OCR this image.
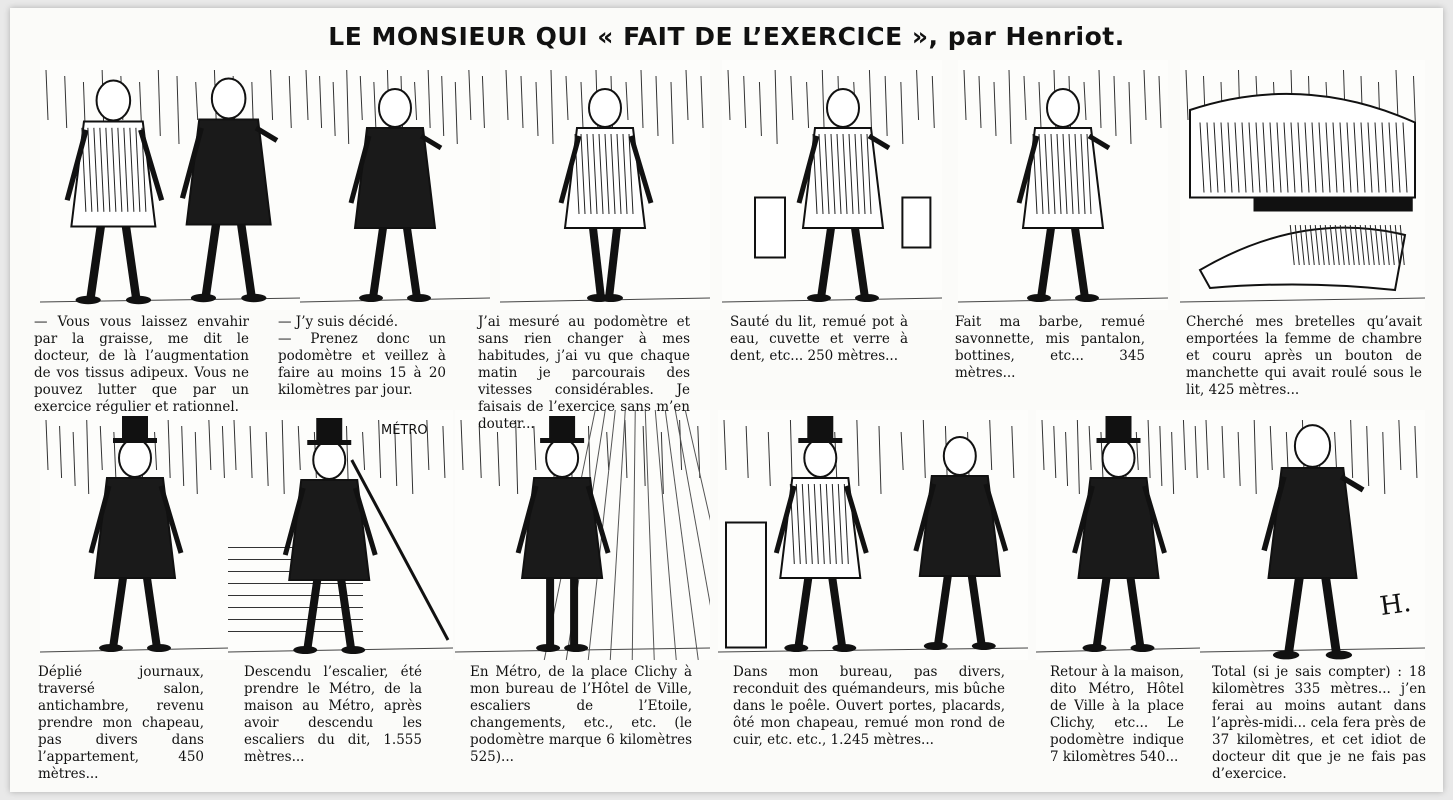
LE MONSIEUR QUI « FAIT DE L’EXERCICE », par Henriot.
MÉTRO
H.
— Vous vous laissez envahir par la graisse, me dit le docteur, de là l’augmentation de vos tissus adipeux. Vous ne pouvez lutter que par un exercice régulier et rationnel.
— J’y suis décidé.
— Prenez donc un podomètre et veillez à faire au moins 15 à 20 kilomètres par jour.
J’ai mesuré au podomètre et sans rien changer à mes habitudes, j’ai vu que chaque matin je parcourais des vitesses considérables. Je faisais de l’exercice sans m’en douter...
Sauté du lit, remué pot à eau, cuvette et verre à dent, etc... 250 mètres...
Fait ma barbe, remué savonnette, mis pantalon, bottines, etc... 345 mètres...
Cherché mes bretelles qu’avait emportées la femme de chambre et couru après un bouton de manchette qui avait roulé sous le lit, 425 mètres...
Déplié journaux, traversé salon, antichambre, revenu prendre mon chapeau, pas divers dans l’appartement, 450 mètres...
Descendu l’escalier, été prendre le Métro, de la maison au Métro, après avoir descendu les escaliers du dit, 1.555 mètres...
En Métro, de la place Clichy à mon bureau de l’Hôtel de Ville, escaliers de l’Etoile, changements, etc., etc. (le podomètre marque 6 kilomètres 525)...
Dans mon bureau, pas divers, reconduit des quémandeurs, mis bûche dans le poêle. Ouvert portes, placards, ôté mon chapeau, remué mon rond de cuir, etc. etc., 1.245 mètres...
Retour à la maison, dito Métro, Hôtel de Ville à la place Clichy, etc... Le podomètre indique 7 kilomètres 540...
Total (si je sais compter) : 18 kilomètres 335 mètres... j’en ferai au moins autant dans l’après-midi... cela fera près de 37 kilomètres, et cet idiot de docteur dit que je ne fais pas d’exercice.
